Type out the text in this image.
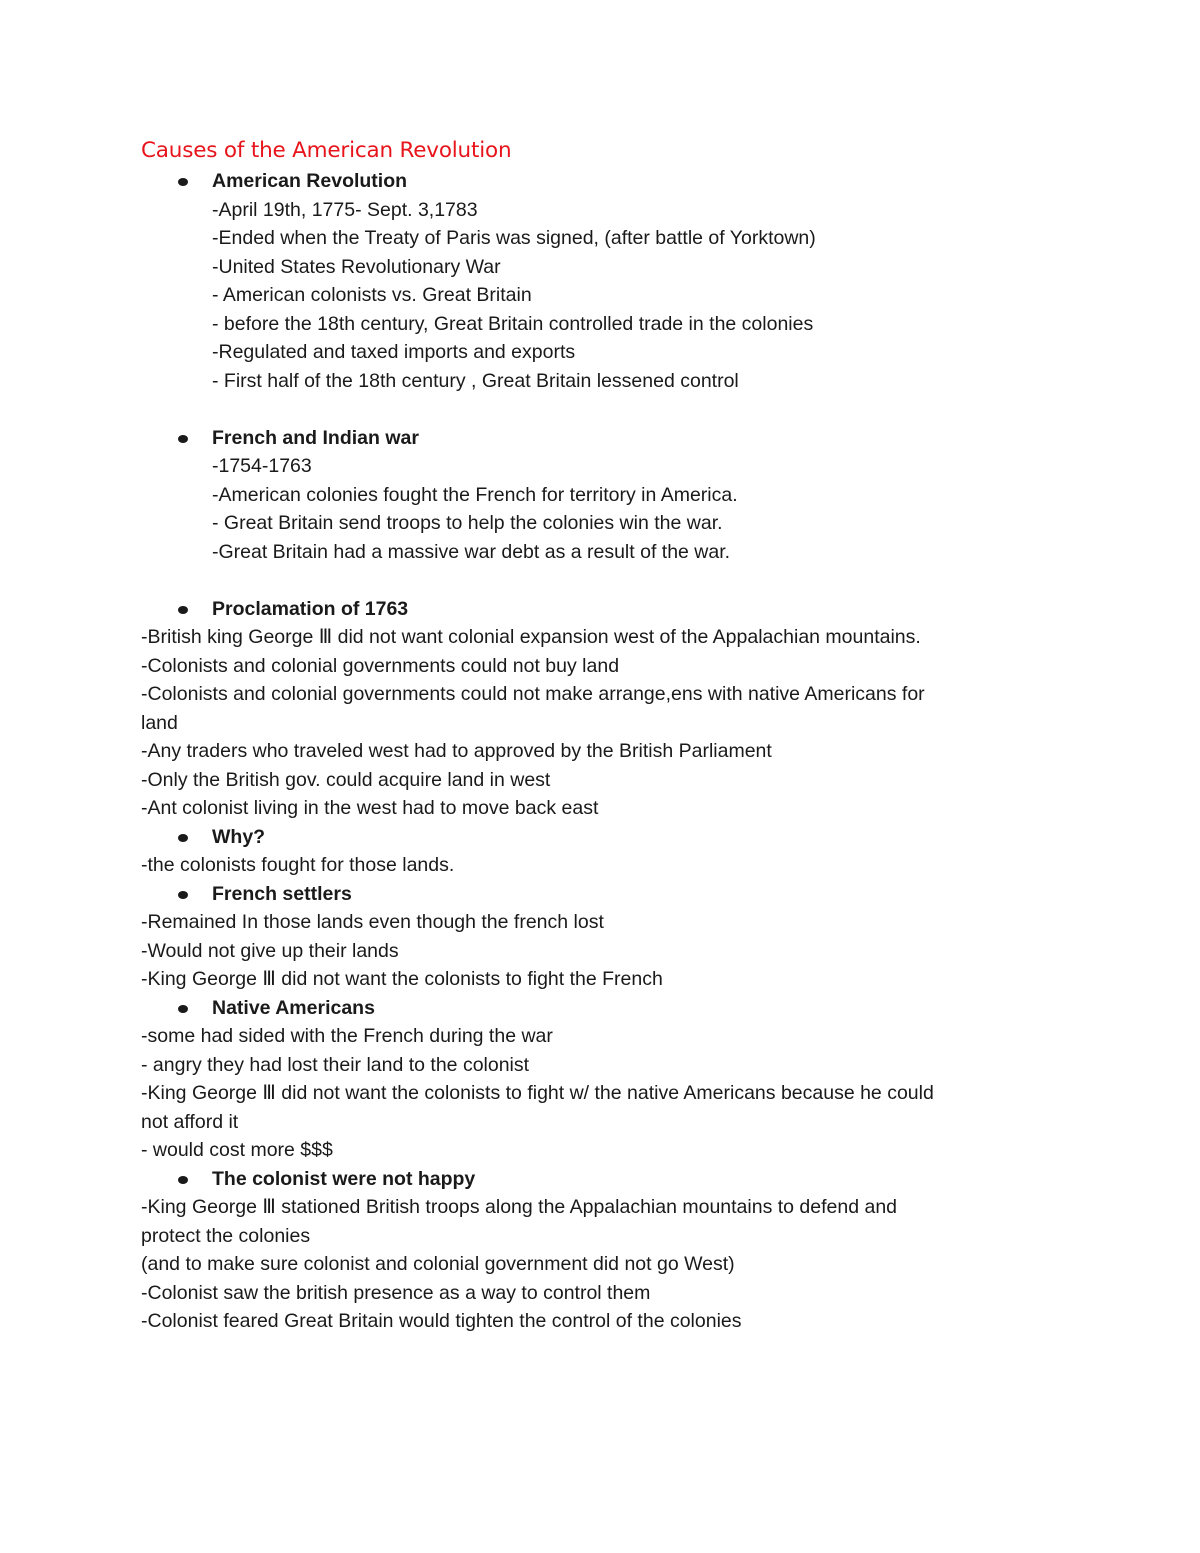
Causes of the American Revolution
American Revolution
-April 19th, 1775- Sept. 3,1783
-Ended when the Treaty of Paris was signed, (after battle of Yorktown)
-United States Revolutionary War
- American colonists vs. Great Britain
- before the 18th century, Great Britain controlled trade in the colonies
-Regulated and taxed imports and exports
- First half of the 18th century , Great Britain lessened control
French and Indian war
-1754-1763
-American colonies fought the French for territory in America.
- Great Britain send troops to help the colonies win the war.
-Great Britain had a massive war debt as a result of the war.
Proclamation of 1763
-British king George Ⅲ did not want colonial expansion west of the Appalachian mountains.
-Colonists and colonial governments could not buy land
-Colonists and colonial governments could not make arrange,ens with native Americans for
land
-Any traders who traveled west had to approved by the British Parliament
-Only the British gov. could acquire land in west
-Ant colonist living in the west had to move back east
Why?
-the colonists fought for those lands.
French settlers
-Remained In those lands even though the french lost
-Would not give up their lands
-King George Ⅲ did not want the colonists to fight the French
Native Americans
-some had sided with the French during the war
- angry they had lost their land to the colonist
-King George Ⅲ did not want the colonists to fight w/ the native Americans because he could
not afford it
- would cost more $$$
The colonist were not happy
-King George Ⅲ stationed British troops along the Appalachian mountains to defend and
protect the colonies
(and to make sure colonist and colonial government did not go West)
-Colonist saw the british presence as a way to control them
-Colonist feared Great Britain would tighten the control of the colonies
